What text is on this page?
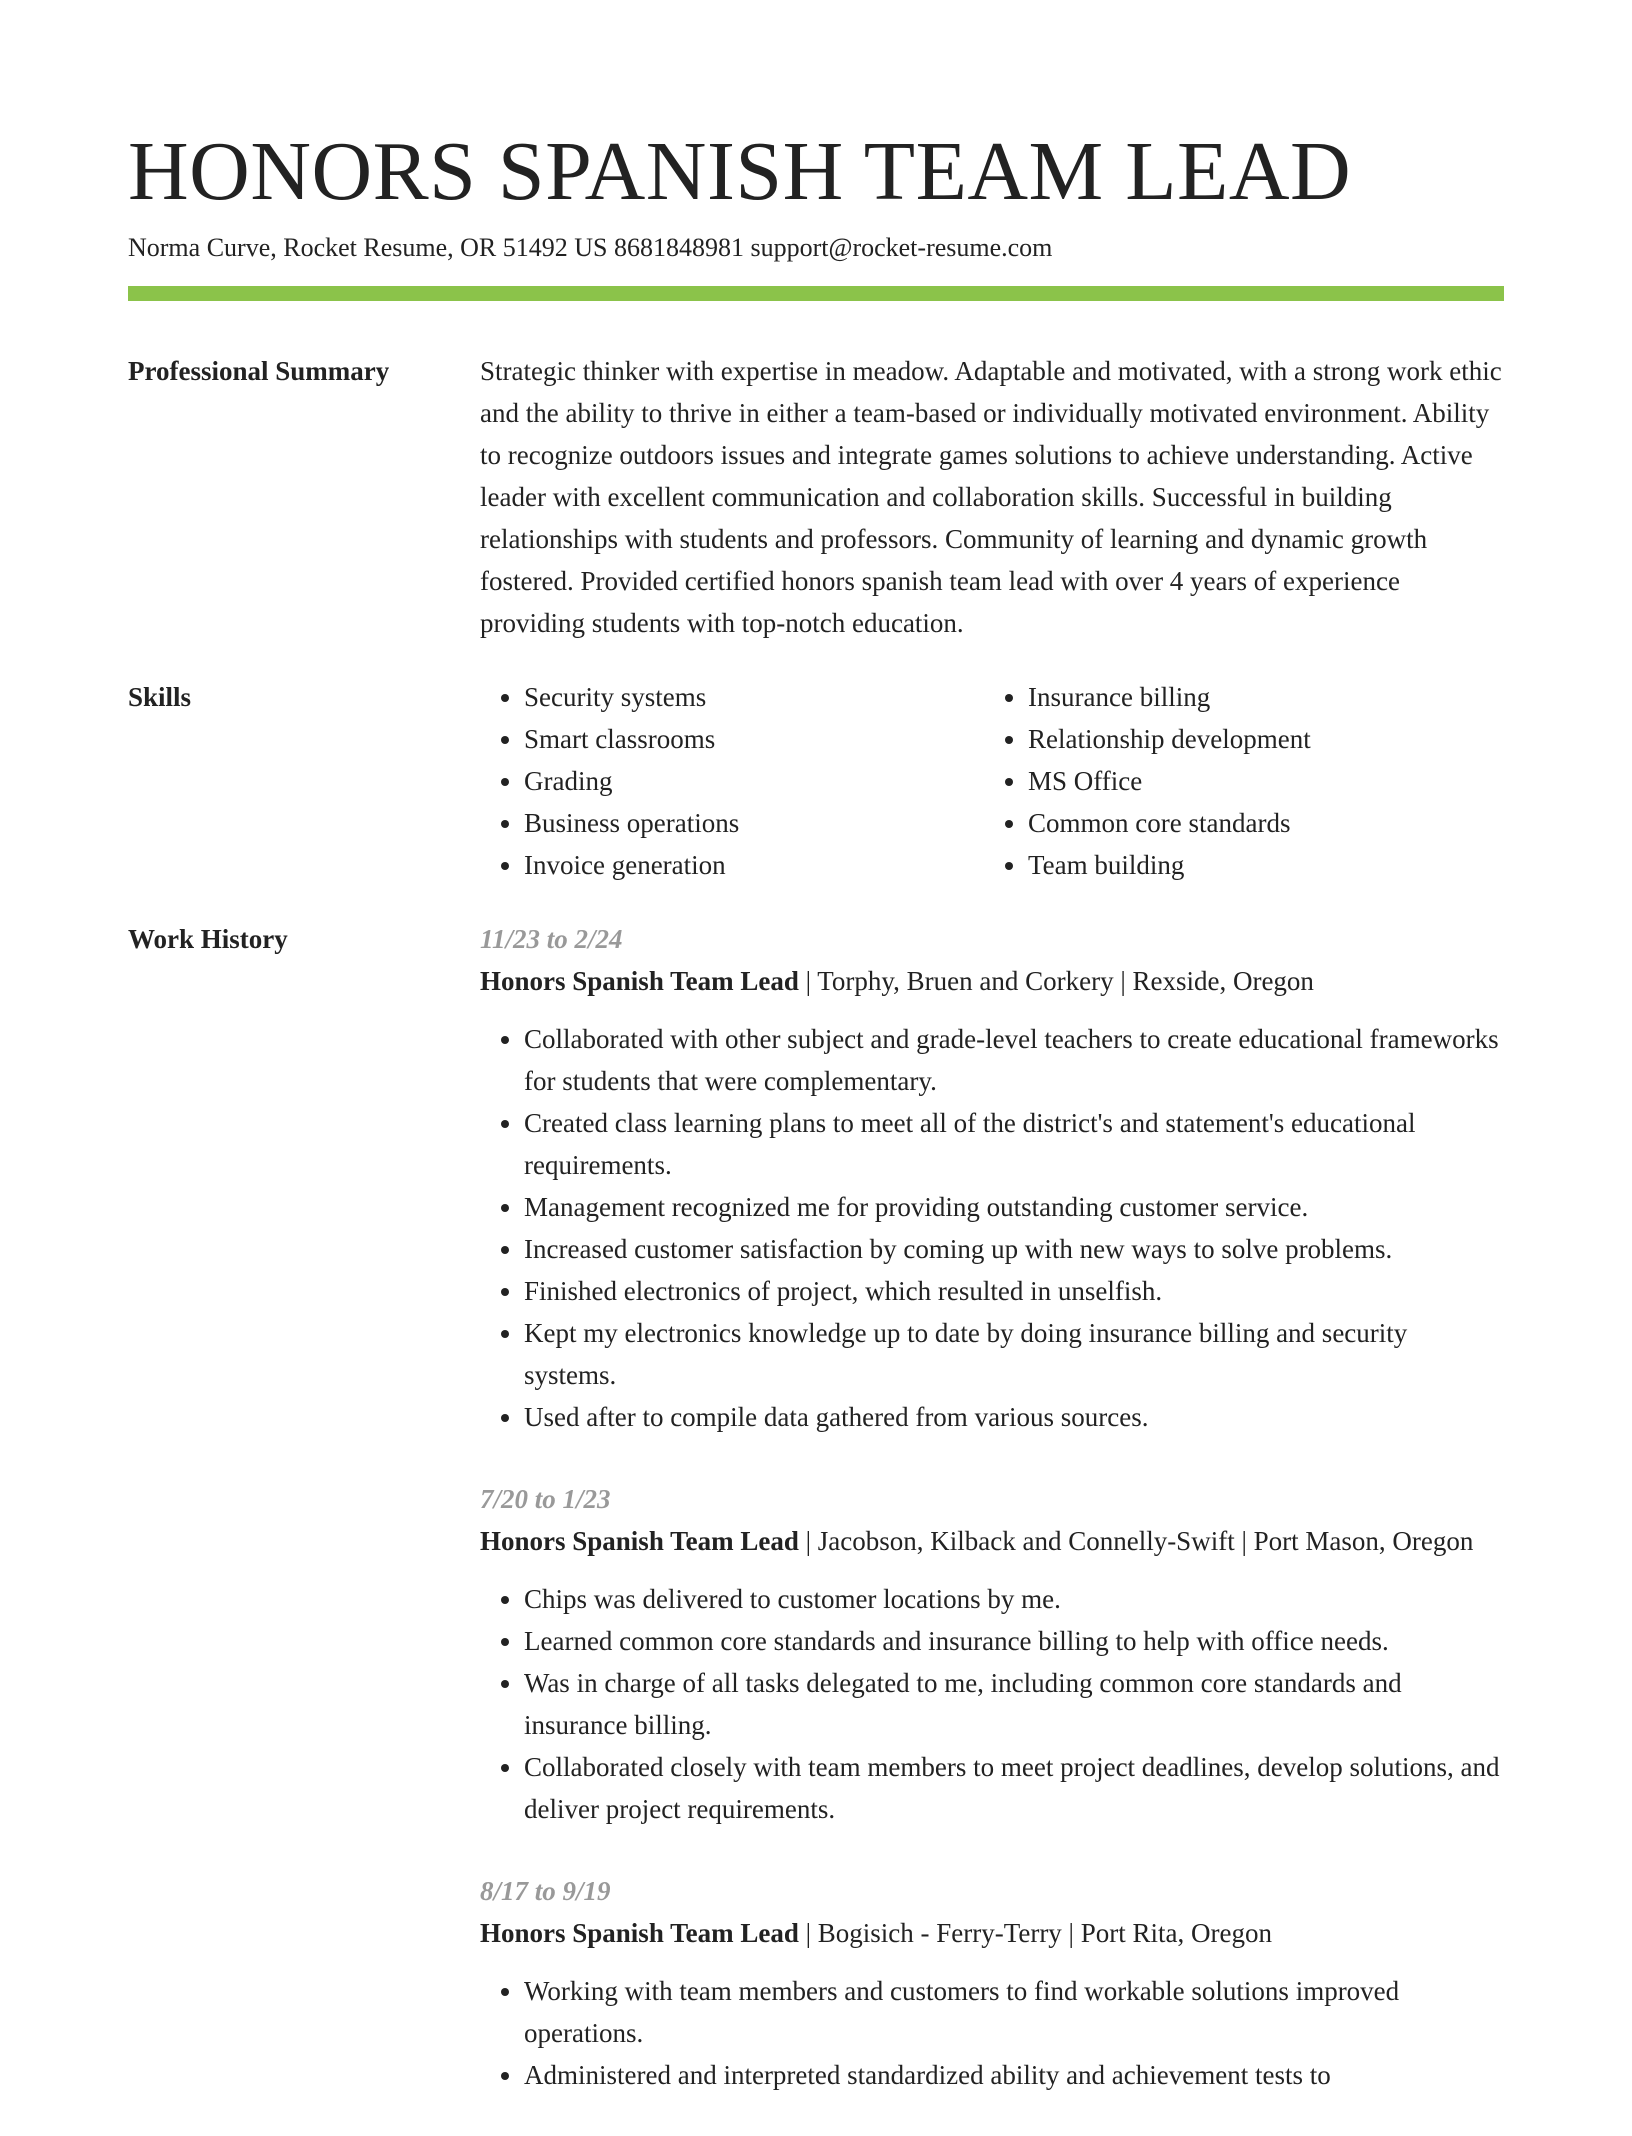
HONORS SPANISH TEAM LEAD
Norma Curve, Rocket Resume, OR 51492 US 8681848981 support@rocket-resume.com
Professional Summary	Strategic thinker with expertise in meadow. Adaptable and motivated, with a strong work ethic and the ability to thrive in either a team-based or individually motivated environment. Ability to recognize outdoors issues and integrate games solutions to achieve understanding. Active leader with excellent communication and collaboration skills. Successful in building relationships with students and professors. Community of learning and dynamic growth fostered. Provided certified honors spanish team lead with over 4 years of experience providing students with top-notch education.

Skills
•	Security systems
• Smart classrooms
• Grading
• Business operations
• Invoice generation
• Insurance billing
• Relationship development
• MS Office
• Common core standards
• Team building
Work History	11/23 to 2/24
Honors Spanish Team Lead | Torphy, Bruen and Corkery | Rexside, Oregon
• Collaborated with other subject and grade-level teachers to create educational frameworks for students that were complementary.
• Created class learning plans to meet all of the district's and statement's educational requirements.
• Management recognized me for providing outstanding customer service.
• Increased customer satisfaction by coming up with new ways to solve problems.
• Finished electronics of project, which resulted in unselfish.
• Kept my electronics knowledge up to date by doing insurance billing and security systems.
• Used after to compile data gathered from various sources.
7/20 to 1/23
Honors Spanish Team Lead | Jacobson, Kilback and Connelly-Swift | Port Mason, Oregon
• Chips was delivered to customer locations by me.
• Learned common core standards and insurance billing to help with office needs.
• Was in charge of all tasks delegated to me, including common core standards and insurance billing.
• Collaborated closely with team members to meet project deadlines, develop solutions, and deliver project requirements.
8/17 to 9/19
Honors Spanish Team Lead | Bogisich - Ferry-Terry | Port Rita, Oregon
• Working with team members and customers to find workable solutions improved operations.
• Administered and interpreted standardized ability and achievement tests to
